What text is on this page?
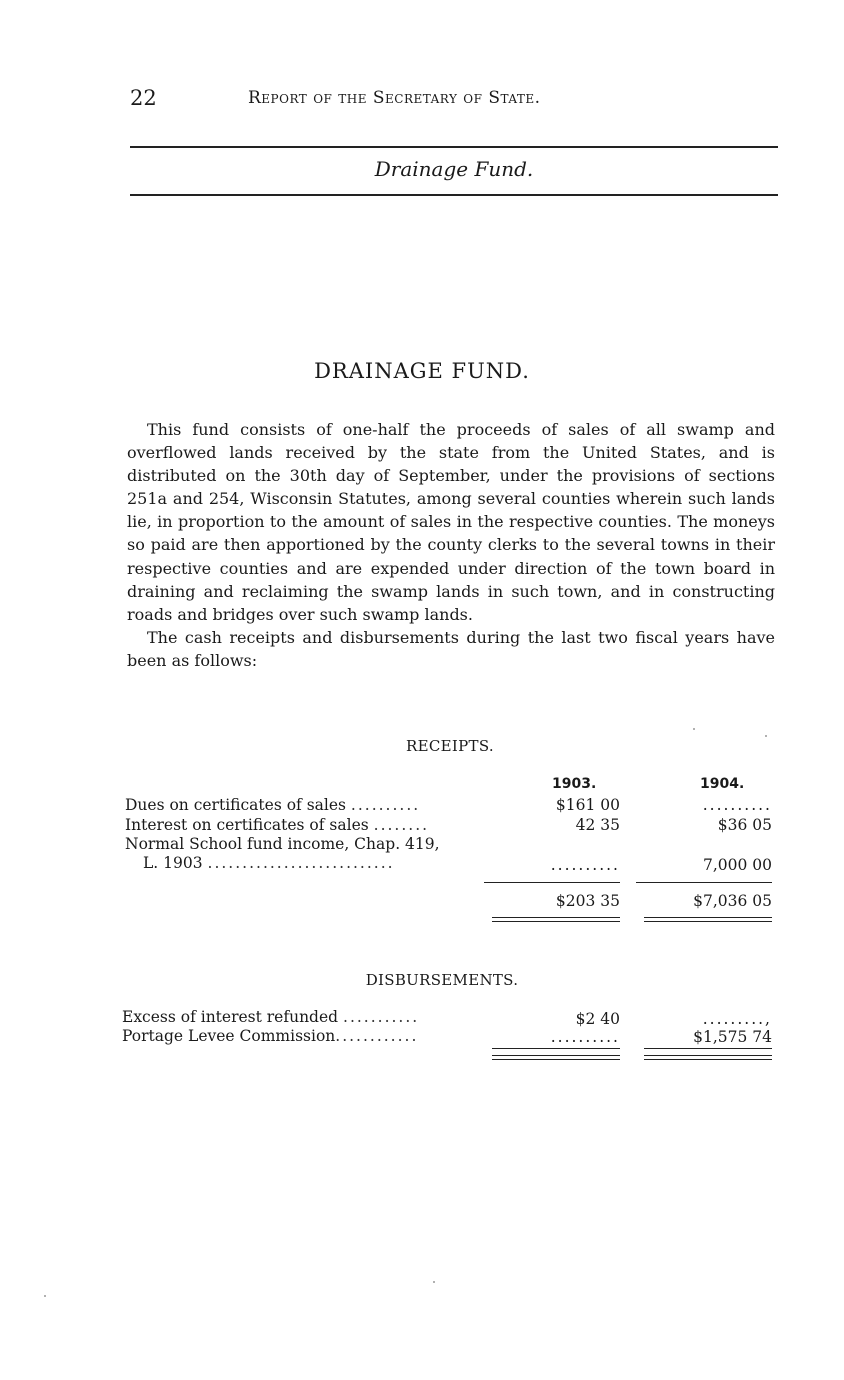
22	Report of the Secretary of State.
Drainage Fund.
DRAINAGE FUND.

This fund consists of one-half the proceeds of sales of all swamp and overflowed lands received by the state from the United States, and is distributed on the 30th day of September, under the provisions of sections 251a and 254, Wisconsin Statutes, among several counties wherein such lands lie, in proportion to the amount of sales in the respective counties. The moneys so paid are then apportioned by the county clerks to the several towns in their respective counties and are expended under direction of the town board in draining and reclaiming the swamp lands in such town, and in constructing roads and bridges over such swamp lands.

The cash receipts and disbursements during the last two fiscal years have been as follows:

RECEIPTS.
1903.	1904.
Dues on certificates of sales ..........	$161 00	..........
Interest on certificates of sales ........	42 35	$36 05
Normal School fund income, Chap. 419,
L. 1903 ...........................	..........	7,000 00
$203 35	$7,036 05
DISBURSEMENTS.
Excess of interest refunded ...........	$2 40	.........,
Portage Levee Commission............	..........	$1,575 74
